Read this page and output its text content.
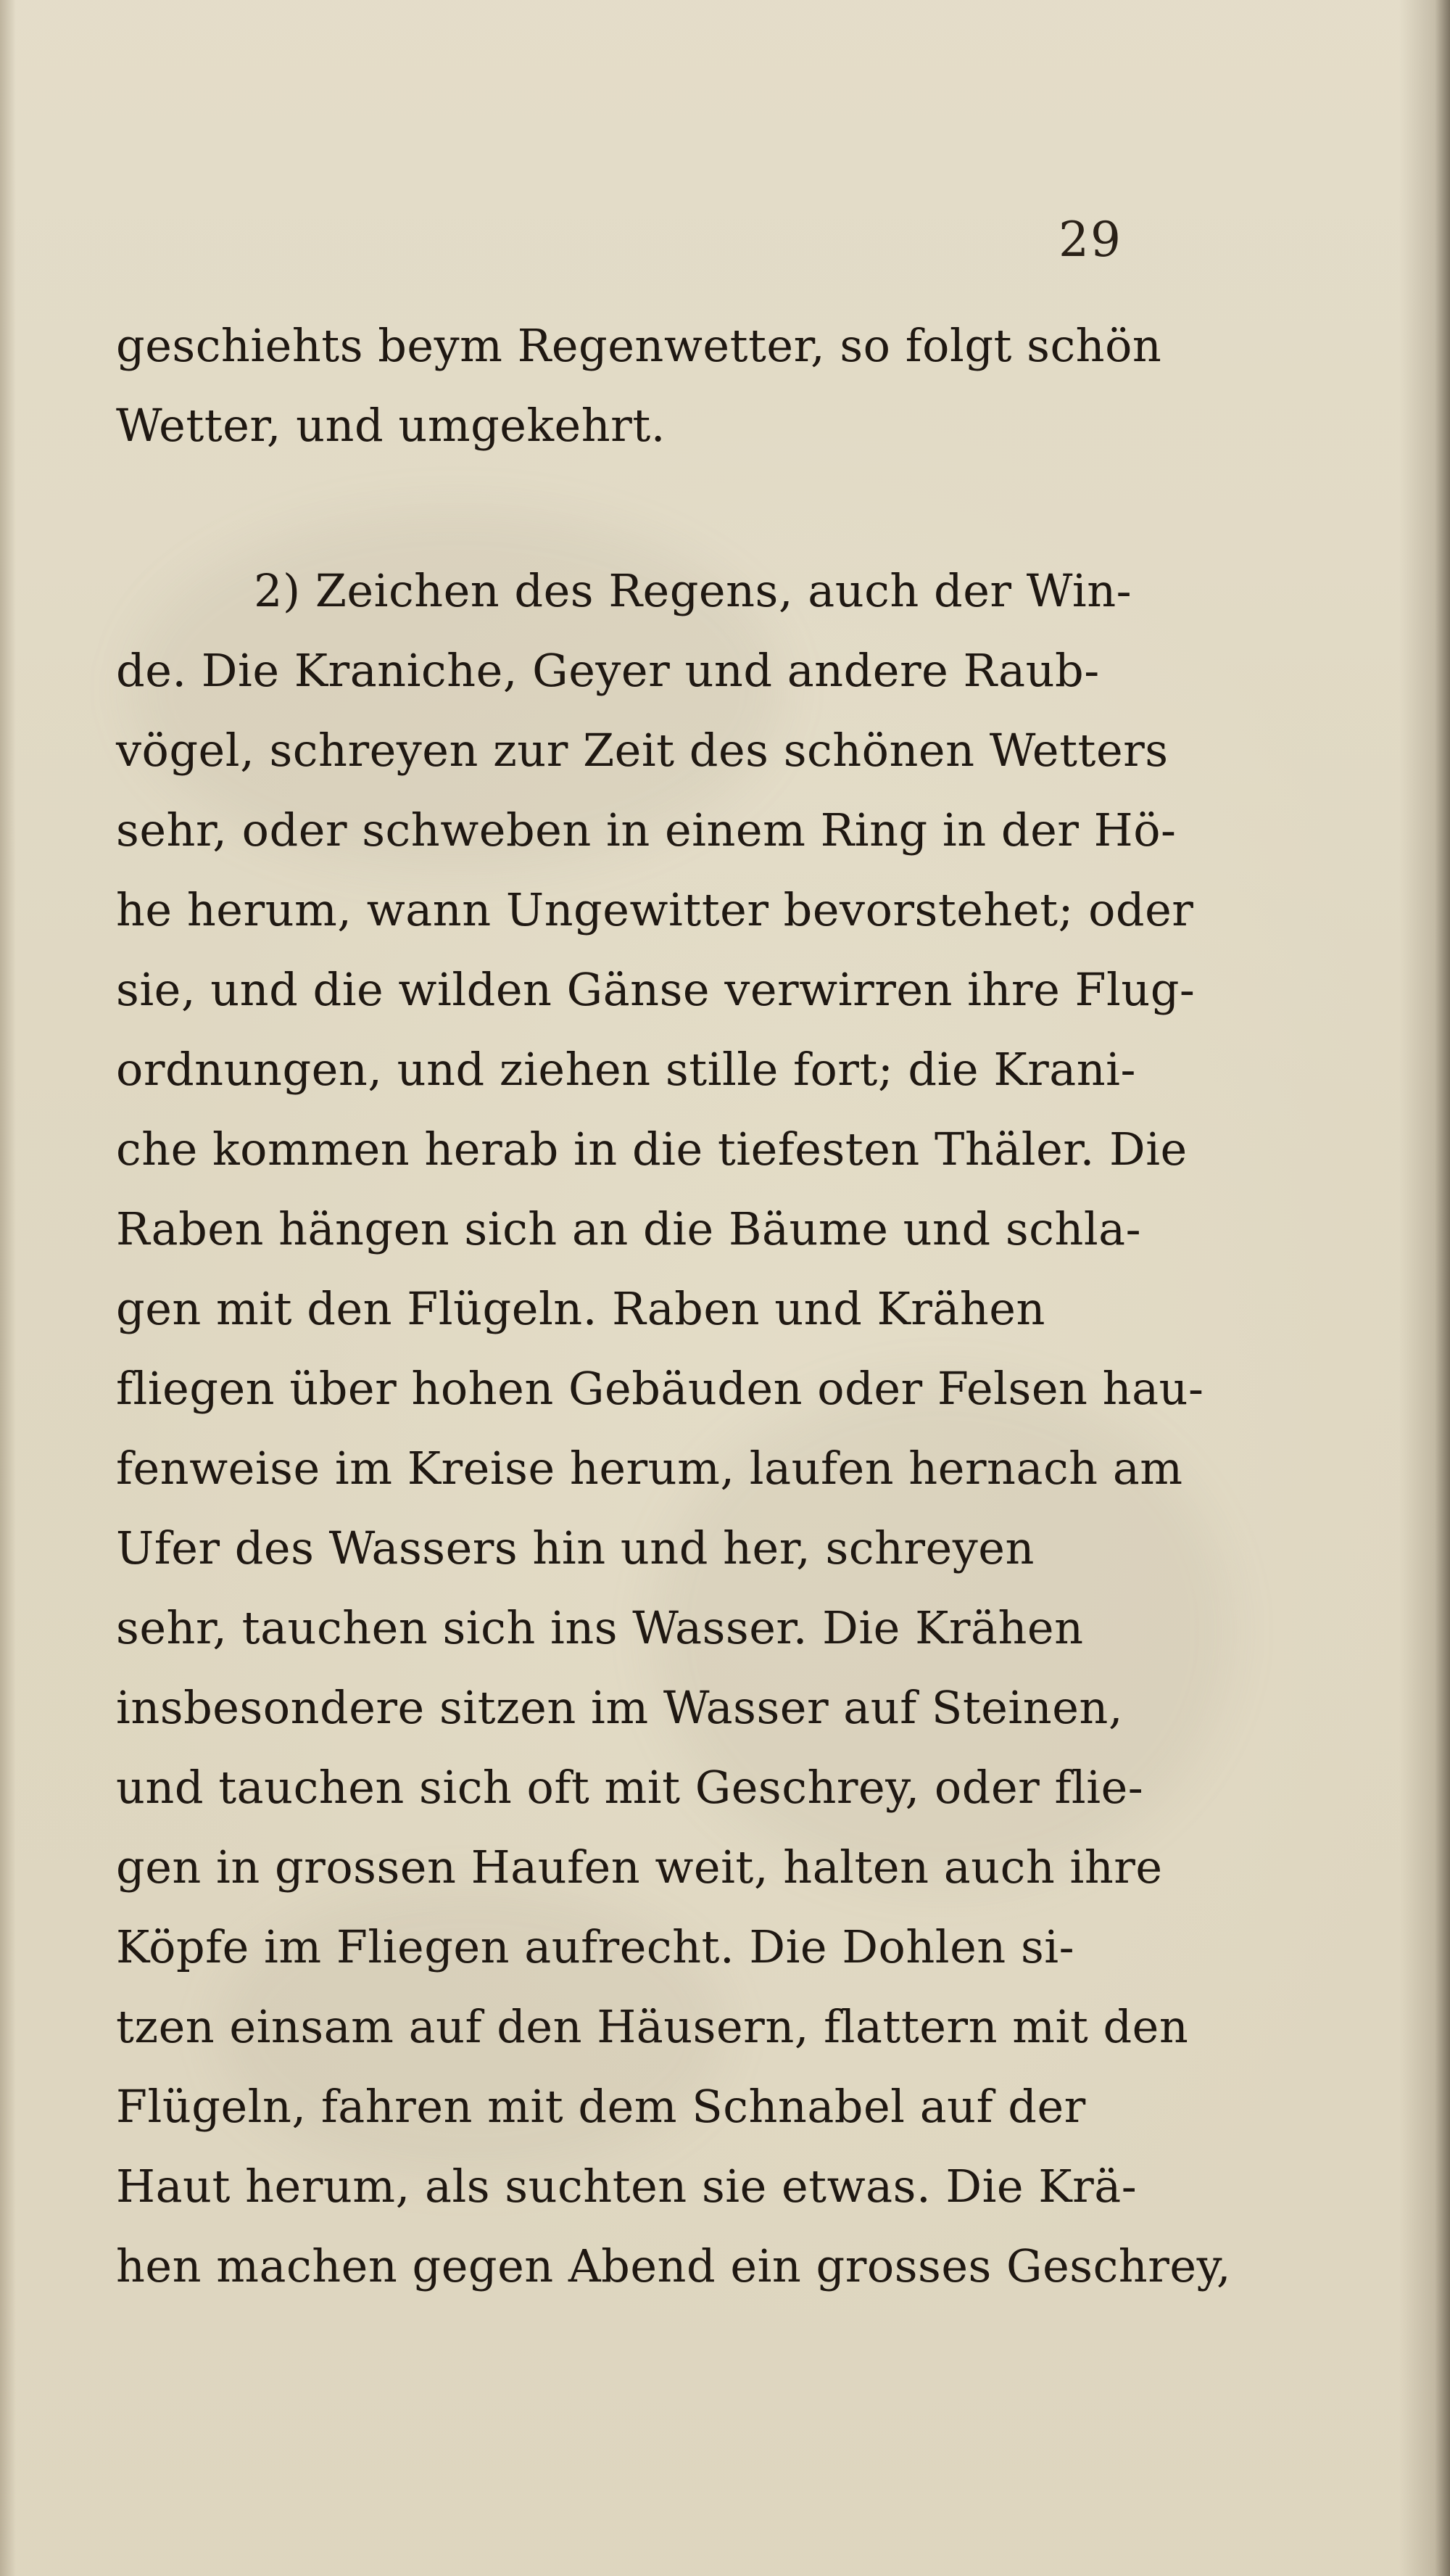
29
geschiehts beym Regenwetter, so folgt schön
Wetter, und umgekehrt.
2) Zeichen des Regens, auch der Win-
de. Die Kraniche, Geyer und andere Raub-
vögel, schreyen zur Zeit des schönen Wetters
sehr, oder schweben in einem Ring in der Hö-
he herum, wann Ungewitter bevorstehet; oder
sie, und die wilden Gänse verwirren ihre Flug-
ordnungen, und ziehen stille fort; die Krani-
che kommen herab in die tiefesten Thäler. Die
Raben hängen sich an die Bäume und schla-
gen mit den Flügeln. Raben und Krähen
fliegen über hohen Gebäuden oder Felsen hau-
fenweise im Kreise herum, laufen hernach am
Ufer des Wassers hin und her, schreyen
sehr, tauchen sich ins Wasser. Die Krähen
insbesondere sitzen im Wasser auf Steinen,
und tauchen sich oft mit Geschrey, oder flie-
gen in grossen Haufen weit, halten auch ihre
Köpfe im Fliegen aufrecht. Die Dohlen si-
tzen einsam auf den Häusern, flattern mit den
Flügeln, fahren mit dem Schnabel auf der
Haut herum, als suchten sie etwas. Die Krä-
hen machen gegen Abend ein grosses Geschrey,
